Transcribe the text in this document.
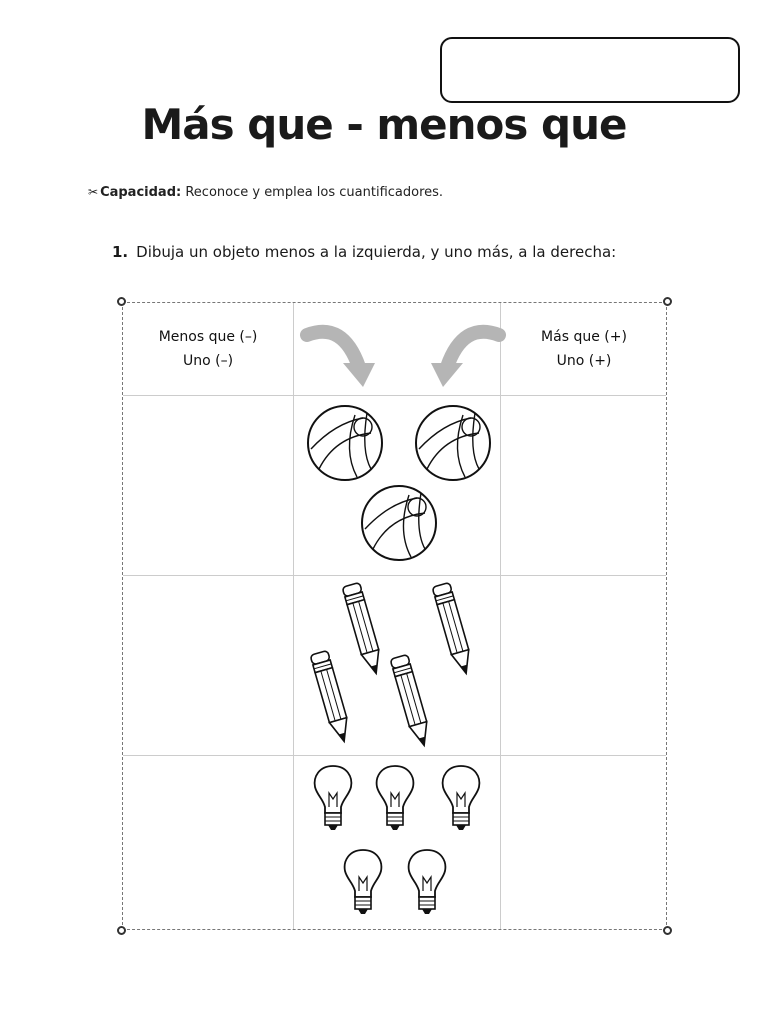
Más que - menos que
✂ Capacidad: Reconoce y emplea los cuantificadores.
1. Dibuja un objeto menos a la izquierda, y uno más, a la derecha:
Menos que (–)
Uno (–)
Más que (+)
Uno (+)
